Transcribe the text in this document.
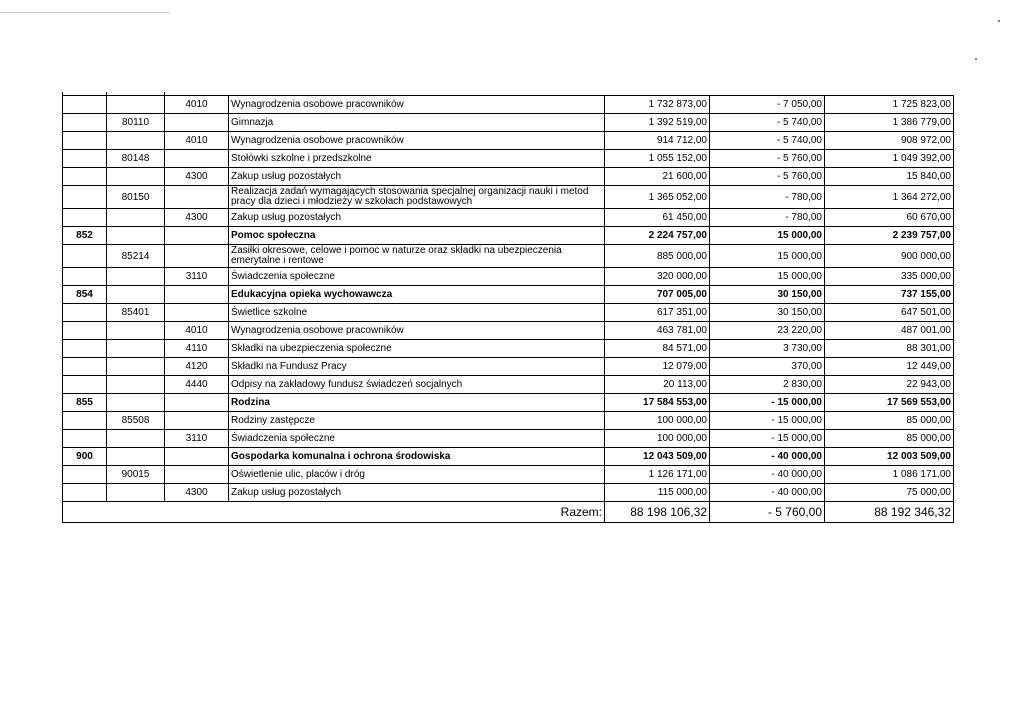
		4010	Wynagrodzenia osobowe pracowników	1 732 873,00	- 7 050,00	1 725 823,00
	80110		Gimnazja	1 392 519,00	- 5 740,00	1 386 779,00
		4010	Wynagrodzenia osobowe pracowników	914 712,00	- 5 740,00	908 972,00
	80148		Stołówki szkolne i przedszkolne	1 055 152,00	- 5 760,00	1 049 392,00
		4300	Zakup usług pozostałych	21 600,00	- 5 760,00	15 840,00
	80150		Realizacja zadań wymagających stosowania specjalnej organizacji nauki i metod pracy dla dzieci i młodzieży w szkołach podstawowych	1 365 052,00	- 780,00	1 364 272,00
		4300	Zakup usług pozostałych	61 450,00	- 780,00	60 670,00
852			Pomoc społeczna	2 224 757,00	15 000,00	2 239 757,00
	85214		Zasiłki okresowe, celowe i pomoc w naturze oraz składki na ubezpieczenia emerytalne i rentowe	885 000,00	15 000,00	900 000,00
		3110	Świadczenia społeczne	320 000,00	15 000,00	335 000,00
854			Edukacyjna opieka wychowawcza	707 005,00	30 150,00	737 155,00
	85401		Świetlice szkolne	617 351,00	30 150,00	647 501,00
		4010	Wynagrodzenia osobowe pracowników	463 781,00	23 220,00	487 001,00
		4110	Składki na ubezpieczenia społeczne	84 571,00	3 730,00	88 301,00
		4120	Składki na Fundusz Pracy	12 079,00	370,00	12 449,00
		4440	Odpisy na zakładowy fundusz świadczeń socjalnych	20 113,00	2 830,00	22 943,00
855			Rodzina	17 584 553,00	- 15 000,00	17 569 553,00
	85508		Rodziny zastępcze	100 000,00	- 15 000,00	85 000,00
		3110	Świadczenia społeczne	100 000,00	- 15 000,00	85 000,00
900			Gospodarka komunalna i ochrona środowiska	12 043 509,00	- 40 000,00	12 003 509,00
	90015		Oświetlenie ulic, placów i dróg	1 126 171,00	- 40 000,00	1 086 171,00
		4300	Zakup usług pozostałych	115 000,00	- 40 000,00	75 000,00
Razem:				88 198 106,32	- 5 760,00	88 192 346,32
